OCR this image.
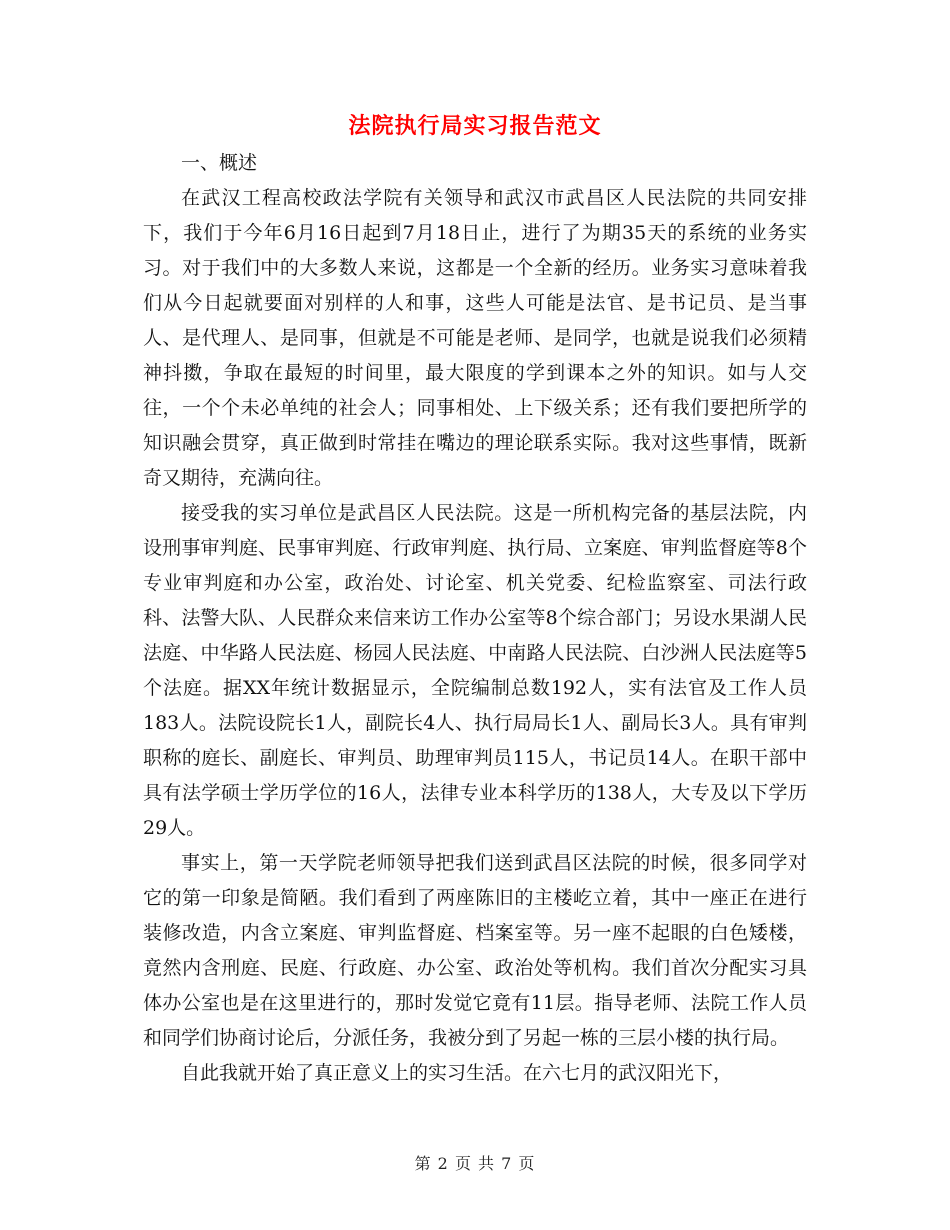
法院执行局实习报告范文

一、概述

在武汉工程高校政法学院有关领导和武汉市武昌区人民法院的共同安排下，我们于今年6月16日起到7月18日止，进行了为期35天的系统的业务实习。对于我们中的大多数人来说，这都是一个全新的经历。业务实习意味着我们从今日起就要面对别样的人和事，这些人可能是法官、是书记员、是当事人、是代理人、是同事，但就是不可能是老师、是同学，也就是说我们必须精神抖擞，争取在最短的时间里，最大限度的学到课本之外的知识。如与人交往，一个个未必单纯的社会人；同事相处、上下级关系；还有我们要把所学的知识融会贯穿，真正做到时常挂在嘴边的理论联系实际。我对这些事情，既新奇又期待，充满向往。

接受我的实习单位是武昌区人民法院。这是一所机构完备的基层法院，内设刑事审判庭、民事审判庭、行政审判庭、执行局、立案庭、审判监督庭等8个专业审判庭和办公室，政治处、讨论室、机关党委、纪检监察室、司法行政科、法警大队、人民群众来信来访工作办公室等8个综合部门；另设水果湖人民法庭、中华路人民法庭、杨园人民法庭、中南路人民法院、白沙洲人民法庭等5个法庭。据XX年统计数据显示，全院编制总数192人，实有法官及工作人员183人。法院设院长1人，副院长4人、执行局局长1人、副局长3人。具有审判职称的庭长、副庭长、审判员、助理审判员115人，书记员14人。在职干部中具有法学硕士学历学位的16人，法律专业本科学历的138人，大专及以下学历29人。

事实上，第一天学院老师领导把我们送到武昌区法院的时候，很多同学对它的第一印象是简陋。我们看到了两座陈旧的主楼屹立着，其中一座正在进行装修改造，内含立案庭、审判监督庭、档案室等。另一座不起眼的白色矮楼，竟然内含刑庭、民庭、行政庭、办公室、政治处等机构。我们首次分配实习具体办公室也是在这里进行的，那时发觉它竟有11层。指导老师、法院工作人员和同学们协商讨论后，分派任务，我被分到了另起一栋的三层小楼的执行局。

自此我就开始了真正意义上的实习生活。在六七月的武汉阳光下，

第 2 页 共 7 页
